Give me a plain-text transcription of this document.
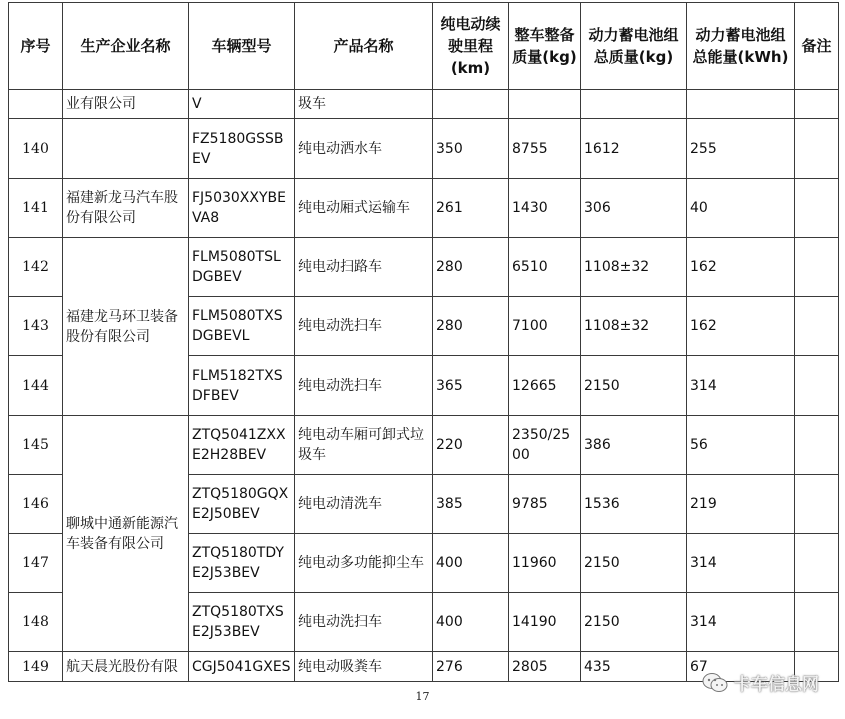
序号	生产企业名称	车辆型号	产品名称	纯电动续驶里程(km)	整车整备质量(kg)	动力蓄电池组总质量(kg)	动力蓄电池组总能量(kWh)	备注
	业有限公司	V	圾车					
140		FZ5180GSSBEV	纯电动洒水车	350	8755	1612	255	
141	福建新龙马汽车股份有限公司	FJ5030XXYBEVA8	纯电动厢式运输车	261	1430	306	40	
142	福建龙马环卫装备股份有限公司	FLM5080TSLDGBEV	纯电动扫路车	280	6510	1108±32	162	
143		FLM5080TXSDGBEVL	纯电动洗扫车	280	7100	1108±32	162	
144		FLM5182TXSDFBEV	纯电动洗扫车	365	12665	2150	314	
145	聊城中通新能源汽车装备有限公司	ZTQ5041ZXXE2H28BEV	纯电动车厢可卸式垃圾车	220	2350/2500	386	56	
146		ZTQ5180GQXE2J50BEV	纯电动清洗车	385	9785	1536	219	
147		ZTQ5180TDYE2J53BEV	纯电动多功能抑尘车	400	11960	2150	314	
148		ZTQ5180TXSE2J53BEV	纯电动洗扫车	400	14190	2150	314	
149	航天晨光股份有限	CGJ5041GXES	纯电动吸粪车	276	2805	435	67	
17
卡车信息网
